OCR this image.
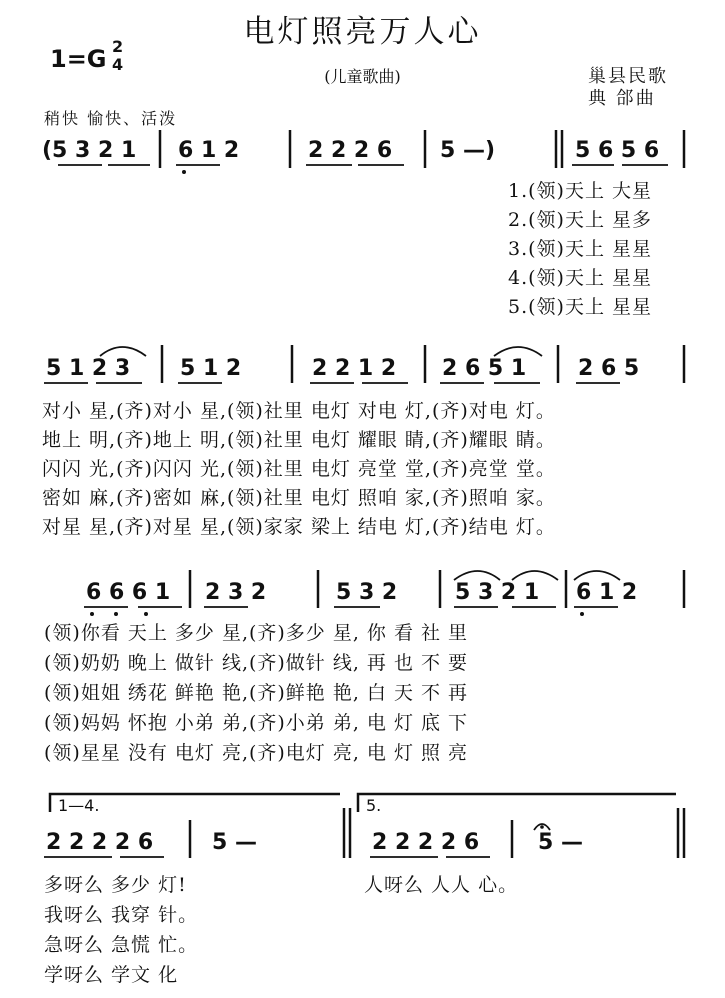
电灯照亮万人心
1=G 2
4
(儿童歌曲)	巢县民歌
典 郃曲
稍快 愉快、活泼
(5 3 2 1 6 1 2	2 2 2 6 5 —)	5 6 5 6
1.(领)天上 大星
2.(领)天上 星多
3.(领)天上 星星
4.(领)天上 星星
5.(领)天上 星星
5 1 2 3 5 1 2	2 2 1 2 2 6 5 1 2 6 5
对小 星,(齐)对小 星,(领)社里 电灯 对电 灯,(齐)对电 灯。
地上 明,(齐)地上 明,(领)社里 电灯 耀眼 睛,(齐)耀眼 睛。
闪闪 光,(齐)闪闪 光,(领)社里 电灯 亮堂 堂,(齐)亮堂 堂。
密如 麻,(齐)密如 麻,(领)社里 电灯 照咱 家,(齐)照咱 家。
对星 星,(齐)对星 星,(领)家家 梁上 结电 灯,(齐)结电 灯。
6 6 6 1 2 3 2	5 3 2	5 3 2 1 6 1 2
(领)你看 天上 多少 星,(齐)多少 星, 你 看 社 里
(领)奶奶 晚上 做针 线,(齐)做针 线, 再 也 不 要
(领)姐姐 绣花 鲜艳 艳,(齐)鲜艳 艳, 白 天 不 再
(领)妈妈 怀抱 小弟 弟,(齐)小弟 弟, 电 灯 底 下
(领)星星 没有 电灯 亮,(齐)电灯 亮, 电 灯 照 亮
1—4.	5.
2 2 2 2 6	5 —	2 2 2 2 6	5 —
多呀么 多少 灯!
我呀么 我穿 针。
急呀么 急慌 忙。
学呀么 学文 化
人呀么 人人 心。
